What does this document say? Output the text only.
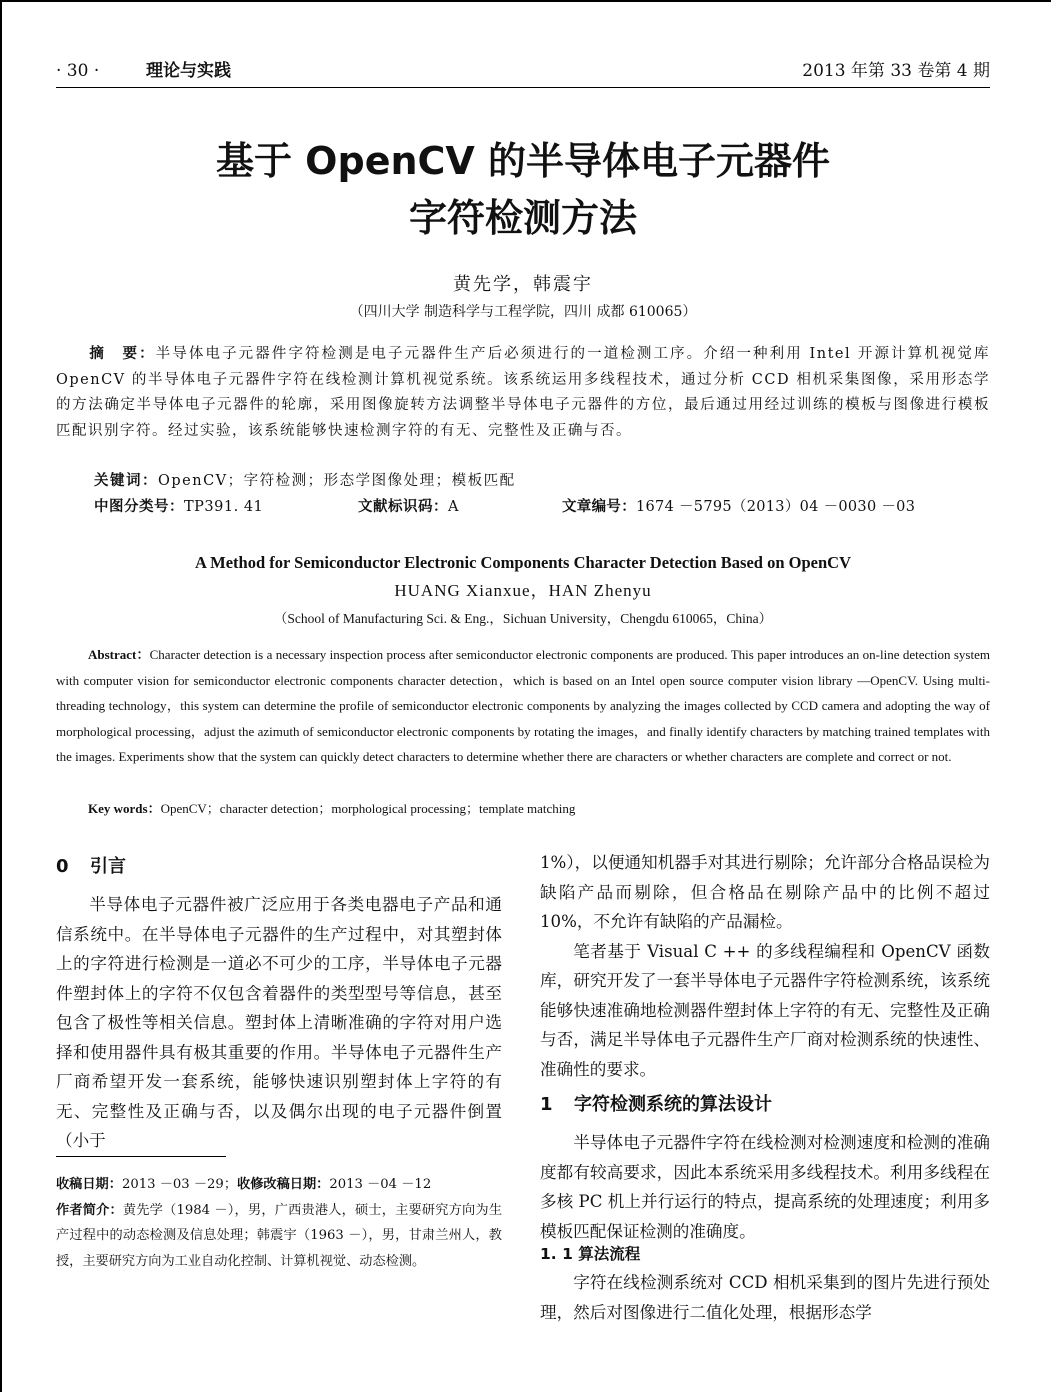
· 30 ·	理论与实践	2013 年第 33 卷第 4 期
基于 OpenCV 的半导体电子元器件
字符检测方法
黄先学，韩震宇
（四川大学 制造科学与工程学院，四川 成都 610065）
摘　要：半导体电子元器件字符检测是电子元器件生产后必须进行的一道检测工序。介绍一种利用 Intel 开源计算机视觉库 OpenCV 的半导体电子元器件字符在线检测计算机视觉系统。该系统运用多线程技术，通过分析 CCD 相机采集图像，采用形态学的方法确定半导体电子元器件的轮廓，采用图像旋转方法调整半导体电子元器件的方位，最后通过用经过训练的模板与图像进行模板匹配识别字符。经过实验，该系统能够快速检测字符的有无、完整性及正确与否。
关键词：OpenCV；字符检测；形态学图像处理；模板匹配
中图分类号：TP391. 41	文献标识码：A	文章编号：1674 －5795（2013）04 －0030 －03
A Method for Semiconductor Electronic Components Character Detection Based on OpenCV
HUANG Xianxue，HAN Zhenyu
（School of Manufacturing Sci. & Eng.，Sichuan University，Chengdu 610065，China）
Abstract：Character detection is a necessary inspection process after semiconductor electronic components are produced. This paper introduces an on-line detection system with computer vision for semiconductor electronic components character detection，which is based on an Intel open source computer vision library —OpenCV. Using multi-threading technology，this system can determine the profile of semiconductor electronic components by analyzing the images collected by CCD camera and adopting the way of morphological processing，adjust the azimuth of semiconductor electronic components by rotating the images，and finally identify characters by matching trained templates with the images. Experiments show that the system can quickly detect characters to determine whether there are characters or whether characters are complete and correct or not.
Key words：OpenCV；character detection；morphological processing；template matching
0 引言

半导体电子元器件被广泛应用于各类电器电子产品和通信系统中。在半导体电子元器件的生产过程中，对其塑封体上的字符进行检测是一道必不可少的工序，半导体电子元器件塑封体上的字符不仅包含着器件的类型型号等信息，甚至包含了极性等相关信息。塑封体上清晰准确的字符对用户选择和使用器件具有极其重要的作用。半导体电子元器件生产厂商希望开发一套系统，能够快速识别塑封体上字符的有无、完整性及正确与否，以及偶尔出现的电子元器件倒置（小于

收稿日期：2013 －03 －29；收修改稿日期：2013 －04 －12

作者简介：黄先学（1984 －），男，广西贵港人，硕士，主要研究方向为生产过程中的动态检测及信息处理；韩震宇（1963 －），男，甘肃兰州人，教授，主要研究方向为工业自动化控制、计算机视觉、动态检测。

1%），以便通知机器手对其进行剔除；允许部分合格品误检为缺陷产品而剔除，但合格品在剔除产品中的比例不超过 10%，不允许有缺陷的产品漏检。

笔者基于 Visual C ++ 的多线程编程和 OpenCV 函数库，研究开发了一套半导体电子元器件字符检测系统，该系统能够快速准确地检测器件塑封体上字符的有无、完整性及正确与否，满足半导体电子元器件生产厂商对检测系统的快速性、准确性的要求。

1 字符检测系统的算法设计

半导体电子元器件字符在线检测对检测速度和检测的准确度都有较高要求，因此本系统采用多线程技术。利用多线程在多核 PC 机上并行运行的特点，提高系统的处理速度；利用多模板匹配保证检测的准确度。

1. 1 算法流程

字符在线检测系统对 CCD 相机采集到的图片先进行预处理，然后对图像进行二值化处理，根据形态学
